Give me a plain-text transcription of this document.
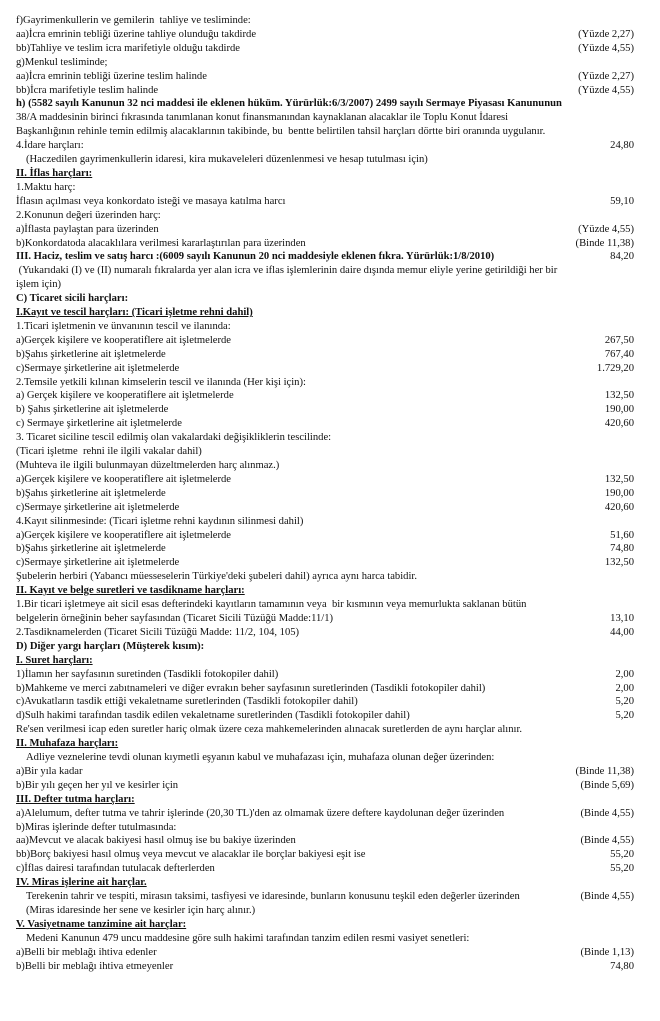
f)Gayrimenkullerin ve gemilerin  tahliye ve tesliminde:
aa)İcra emrinin tebliği üzerine tahliye olunduğu takdirde	(Yüzde 2,27)
bb)Tahliye ve teslim icra marifetiyle olduğu takdirde	(Yüzde 4,55)
g)Menkul tesliminde;
aa)İcra emrinin tebliği üzerine teslim halinde	(Yüzde 2,27)
bb)İcra marifetiyle teslim halinde	(Yüzde 4,55)
h) (5582 sayılı Kanunun 32 nci maddesi ile eklenen hüküm. Yürürlük:6/3/2007) 2499 sayılı Sermaye Piyasası Kanununun
38/A maddesinin birinci fıkrasında tanımlanan konut finansmanından kaynaklanan alacaklar ile Toplu Konut İdaresi
Başkanlığının rehinle temin edilmiş alacaklarının takibinde, bu  bentte belirtilen tahsil harçları dörtte biri oranında uygulanır.
4.İdare harçları:	24,80
(Haczedilen gayrimenkullerin idaresi, kira mukaveleleri düzenlenmesi ve hesap tutulması için)
II. İflas harçları:
1.Maktu harç:
İflasın açılması veya konkordato isteği ve masaya katılma harcı	59,10
2.Konunun değeri üzerinden harç:
a)İflasta paylaştan para üzerinden	(Yüzde 4,55)
b)Konkordatoda alacaklılara verilmesi kararlaştırılan para üzerinden	(Binde 11,38)
III. Haciz, teslim ve satış harcı :(6009 sayılı Kanunun 20 nci maddesiyle eklenen fıkra. Yürürlük:1/8/2010)	84,20
(Yukarıdaki (I) ve (II) numaralı fıkralarda yer alan icra ve iflas işlemlerinin daire dışında memur eliyle yerine getirildiği her bir
işlem için)
C) Ticaret sicili harçları:
I.Kayıt ve tescil harçları: (Ticari işletme rehni dahil)
1.Ticari işletmenin ve ünvanının tescil ve ilanında:
a)Gerçek kişilere ve kooperatiflere ait işletmelerde	267,50
b)Şahıs şirketlerine ait işletmelerde	767,40
c)Sermaye şirketlerine ait işletmelerde	1.729,20
2.Temsile yetkili kılınan kimselerin tescil ve ilanında (Her kişi için):
a) Gerçek kişilere ve kooperatiflere ait işletmelerde	132,50
b) Şahıs şirketlerine ait işletmelerde	190,00
c) Sermaye şirketlerine ait işletmelerde	420,60
3. Ticaret siciline tescil edilmiş olan vakalardaki değişikliklerin tescilinde:
(Ticari işletme  rehni ile ilgili vakalar dahil)
(Muhteva ile ilgili bulunmayan düzeltmelerden harç alınmaz.)
a)Gerçek kişilere ve kooperatiflere ait işletmelerde	132,50
b)Şahıs şirketlerine ait işletmelerde	190,00
c)Sermaye şirketlerine ait işletmelerde	420,60
4.Kayıt silinmesinde: (Ticari işletme rehni kaydının silinmesi dahil)
a)Gerçek kişilere ve kooperatiflere ait işletmelerde	51,60
b)Şahıs şirketlerine ait işletmelerde	74,80
c)Sermaye şirketlerine ait işletmelerde	132,50
Şubelerin herbiri (Yabancı müesseselerin Türkiye'deki şubeleri dahil) ayrıca aynı harca tabidir.
II. Kayıt ve belge suretleri ve tasdikname harçları:
1.Bir ticari işletmeye ait sicil esas defterindeki kayıtların tamamının veya  bir kısmının veya memurlukta saklanan bütün
belgelerin örneğinin beher sayfasından (Ticaret Sicili Tüzüğü Madde:11/1)	13,10
2.Tasdiknamelerden (Ticaret Sicili Tüzüğü Madde: 11/2, 104, 105)	44,00
D) Diğer yargı harçları (Müşterek kısım):
I. Suret harçları:
1)İlamın her sayfasının suretinden (Tasdikli fotokopiler dahil)	2,00
b)Mahkeme ve merci zabıtnameleri ve diğer evrakın beher sayfasının suretlerinden (Tasdikli fotokopiler dahil)	2,00
c)Avukatların tasdik ettiği vekaletname suretlerinden (Tasdikli fotokopiler dahil)	5,20
d)Sulh hakimi tarafından tasdik edilen vekaletname suretlerinden (Tasdikli fotokopiler dahil)	5,20
Re'sen verilmesi icap eden suretler hariç olmak üzere ceza mahkemelerinden alınacak suretlerden de aynı harçlar alınır.
II. Muhafaza harçları:
Adliye veznelerine tevdi olunan kıymetli eşyanın kabul ve muhafazası için, muhafaza olunan değer üzerinden:
a)Bir yıla kadar	(Binde 11,38)
b)Bir yılı geçen her yıl ve kesirler için	(Binde 5,69)
III. Defter tutma harçları:
a)Alelumum, defter tutma ve tahrir işlerinde (20,30 TL)'den az olmamak üzere deftere kaydolunan değer üzerinden	(Binde 4,55)
b)Miras işlerinde defter tutulmasında:
aa)Mevcut ve alacak bakiyesi hasıl olmuş ise bu bakiye üzerinden	(Binde 4,55)
bb)Borç bakiyesi hasıl olmuş veya mevcut ve alacaklar ile borçlar bakiyesi eşit ise	55,20
c)İflas dairesi tarafından tutulacak defterlerden	55,20
IV. Miras işlerine ait harçlar.
Terekenin tahrir ve tespiti, mirasın taksimi, tasfiyesi ve idaresinde, bunların konusunu teşkil eden değerler üzerinden	(Binde 4,55)
(Miras idaresinde her sene ve kesirler için harç alınır.)
V. Vasiyetname tanzimine ait harçlar:
Medeni Kanunun 479 uncu maddesine göre sulh hakimi tarafından tanzim edilen resmi vasiyet senetleri:
a)Belli bir meblağı ihtiva edenler	(Binde 1,13)
b)Belli bir meblağı ihtiva etmeyenler	74,80
